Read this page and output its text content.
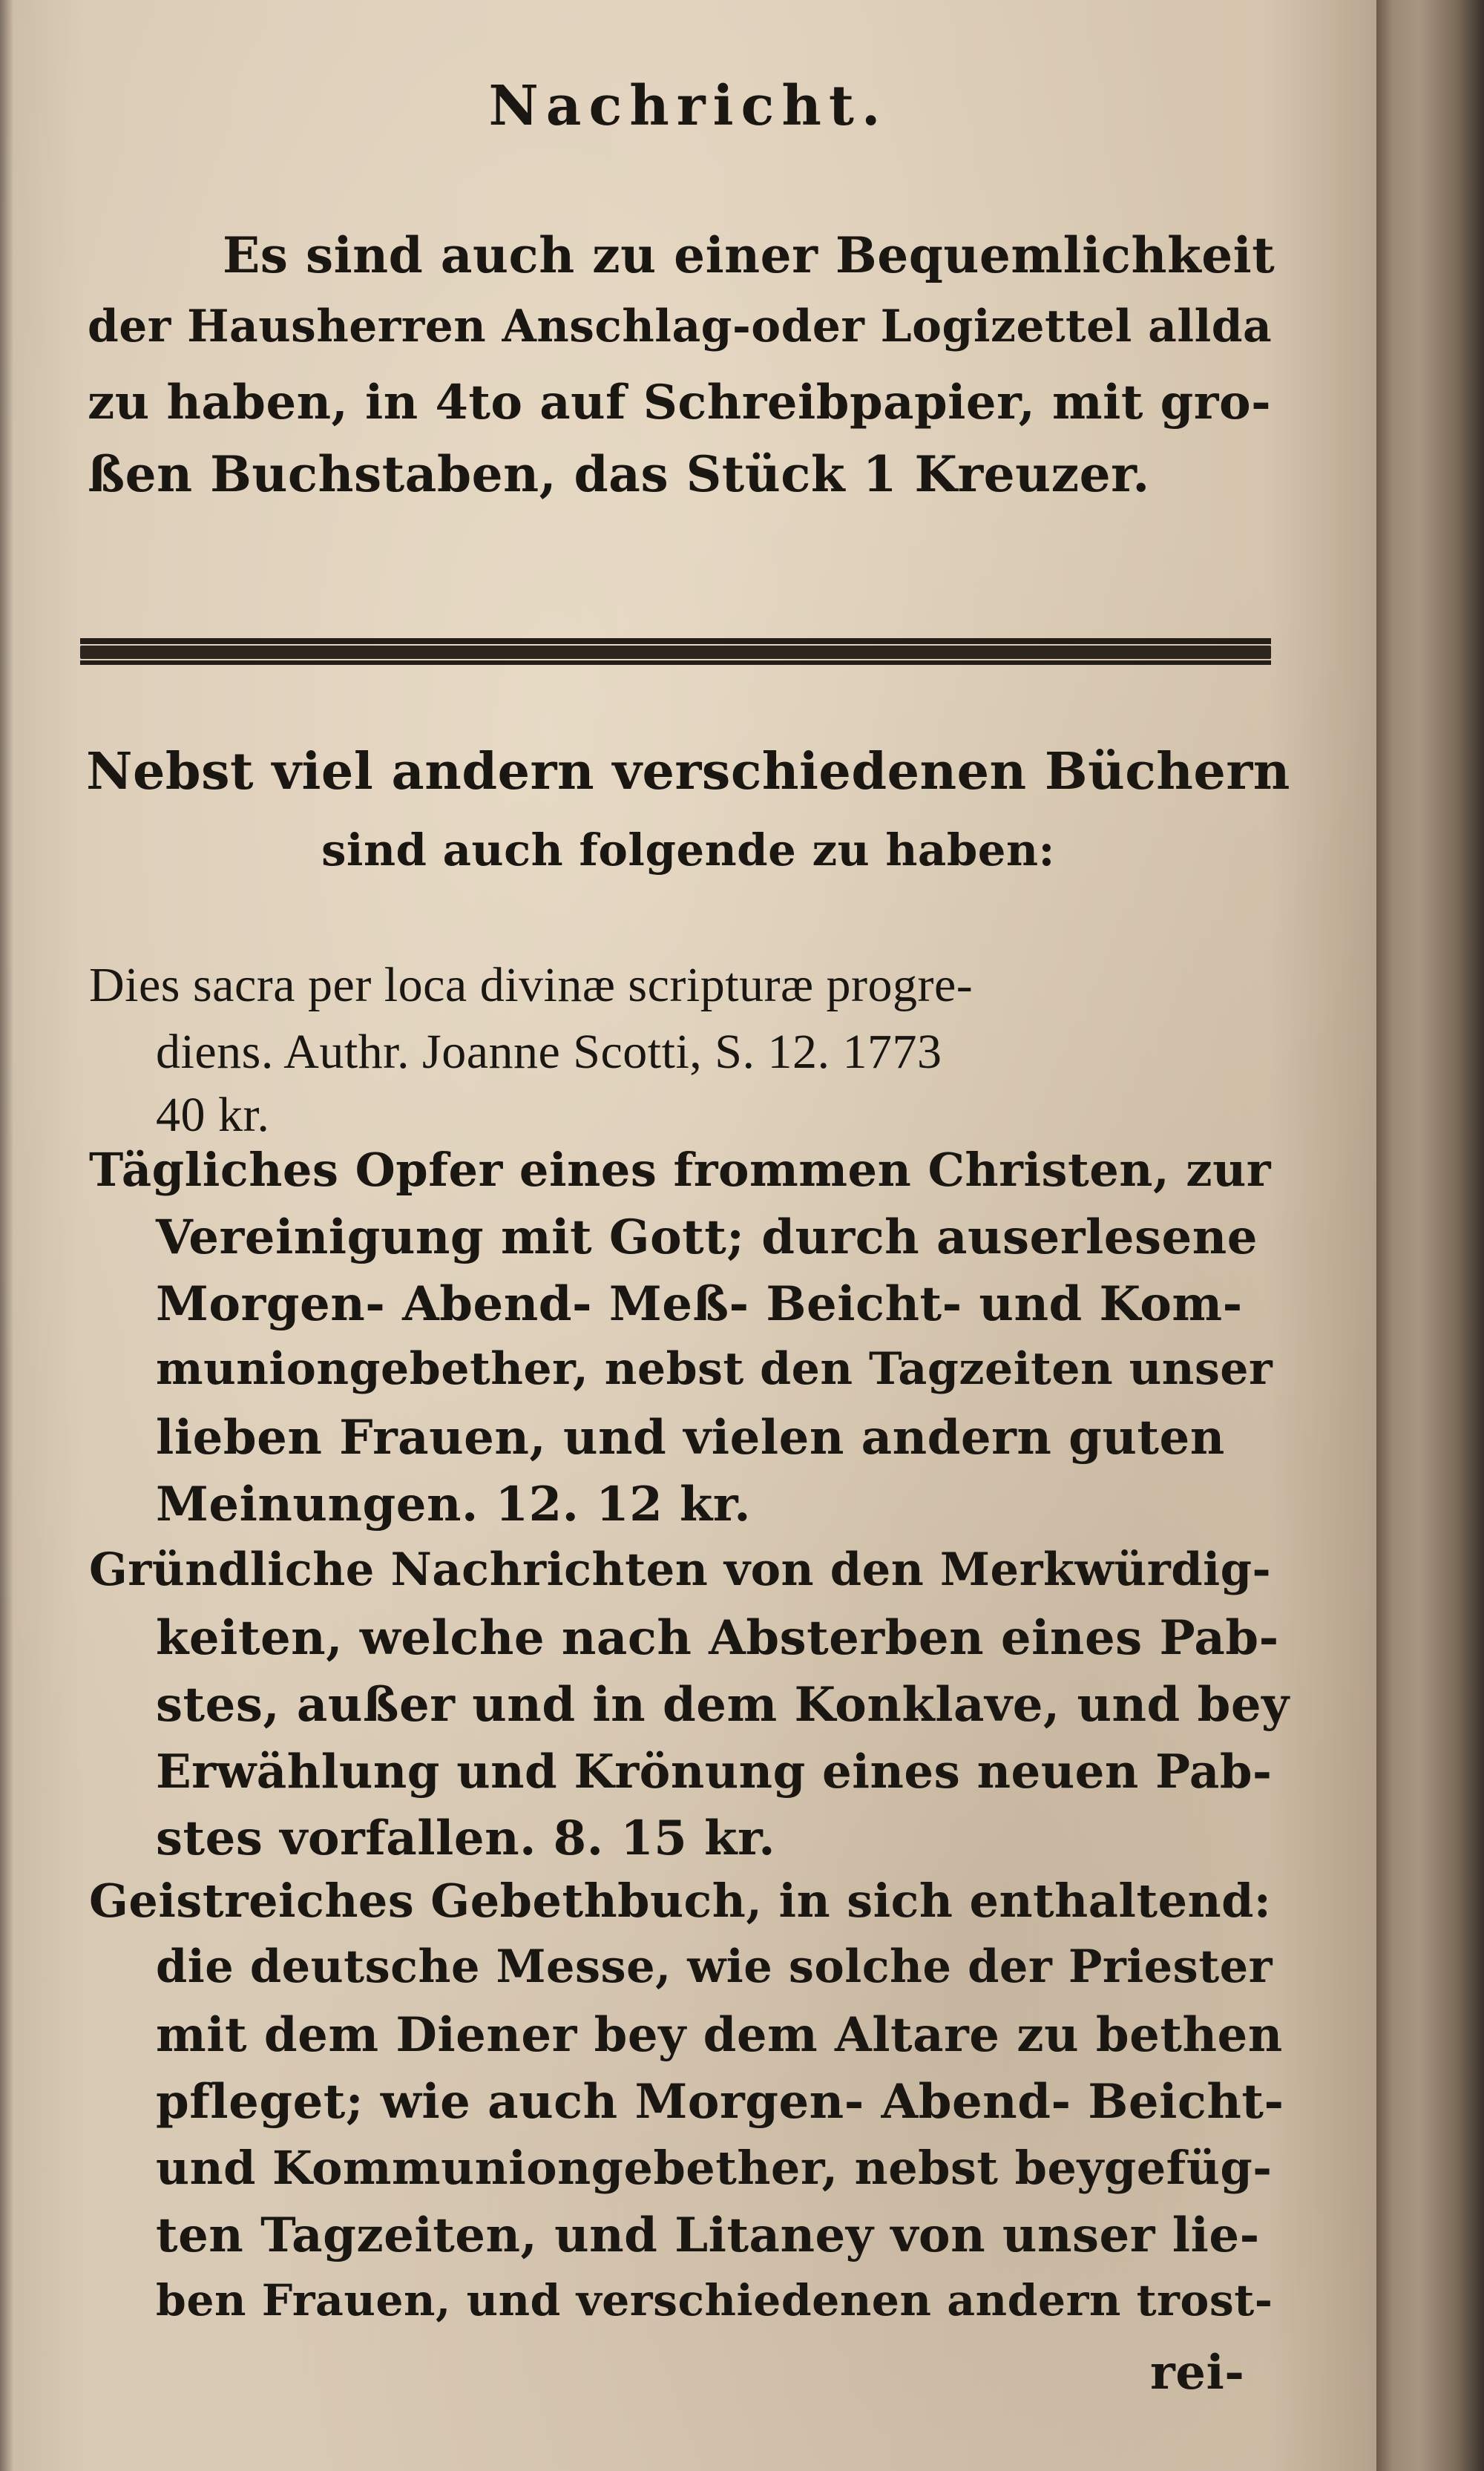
Nachricht.
Es sind auch zu einer Bequemlichkeit
der Hausherren Anschlag-oder Logizettel allda
zu haben, in 4to auf Schreibpapier, mit gro-
ßen Buchstaben, das Stück 1 Kreuzer.
Nebst viel andern verschiedenen Büchern
sind auch folgende zu haben:
Dies sacra per loca divinæ scripturæ progre-
diens. Authr. Joanne Scotti, S. 12. 1773
40 kr.
Tägliches Opfer eines frommen Christen, zur
Vereinigung mit Gott; durch auserlesene
Morgen- Abend- Meß- Beicht- und Kom-
muniongebether, nebst den Tagzeiten unser
lieben Frauen, und vielen andern guten
Meinungen. 12. 12 kr.
Gründliche Nachrichten von den Merkwürdig-
keiten, welche nach Absterben eines Pab-
stes, außer und in dem Konklave, und bey
Erwählung und Krönung eines neuen Pab-
stes vorfallen. 8. 15 kr.
Geistreiches Gebethbuch, in sich enthaltend:
die deutsche Messe, wie solche der Priester
mit dem Diener bey dem Altare zu bethen
pfleget; wie auch Morgen- Abend- Beicht-
und Kommuniongebether, nebst beygefüg-
ten Tagzeiten, und Litaney von unser lie-
ben Frauen, und verschiedenen andern trost-
rei-
